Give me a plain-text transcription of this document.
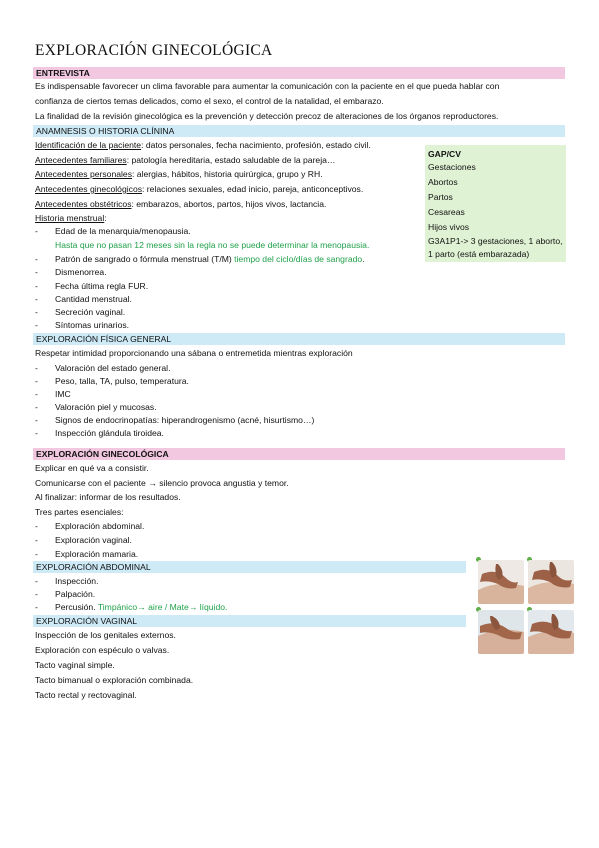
EXPLORACIÓN GINECOLÓGICA
ENTREVISTA
Es indispensable favorecer un clima favorable para aumentar la comunicación con la paciente en el que pueda hablar con
confianza de ciertos temas delicados, como el sexo, el control de la natalidad, el embarazo.
La finalidad de la revisión ginecológica es la prevención y detección precoz de alteraciones de los órganos reproductores.
ANAMNESIS O HISTORIA CLÍNINA
Identificación de la paciente: datos personales, fecha nacimiento, profesión, estado civil.
Antecedentes familiares: patología hereditaria, estado saludable de la pareja…
Antecedentes personales: alergias, hábitos, historia quirúrgica, grupo y RH.
Antecedentes ginecológicos: relaciones sexuales, edad inicio, pareja, anticonceptivos.
Antecedentes obstétricos: embarazos, abortos, partos, hijos vivos, lactancia.
Historia menstrual:
- Edad de la menarquia/menopausia.
Hasta que no pasan 12 meses sin la regla no se puede determinar la menopausia.
- Patrón de sangrado o fórmula menstrual (T/M) tiempo del ciclo/días de sangrado.
- Dismenorrea.
- Fecha última regla FUR.
- Cantidad menstrual.
- Secreción vaginal.
- Síntomas urinarios.
GAP/CV
Gestaciones
Abortos
Partos
Cesareas
Hijos vivos
G3A1P1-> 3 gestaciones, 1 aborto,
1 parto (está embarazada)
EXPLORACIÓN FÍSICA GENERAL
Respetar intimidad proporcionando una sábana o entremetida mientras exploración
- Valoración del estado general.
- Peso, talla, TA, pulso, temperatura.
- IMC
- Valoración piel y mucosas.
- Signos de endocrinopatías: hiperandrogenismo (acné, hisurtismo…)
- Inspección glándula tiroidea.
EXPLORACIÓN GINECOLÓGICA
Explicar en qué va a consistir.
Comunicarse con el paciente → silencio provoca angustia y temor.
Al finalizar: informar de los resultados.
Tres partes esenciales:
- Exploración abdominal.
- Exploración vaginal.
- Exploración mamaria.
EXPLORACIÓN ABDOMINAL
- Inspección.
- Palpación.
- Percusión. Timpánico→ aire / Mate→ líquido.
EXPLORACIÓN VAGINAL
Inspección de los genitales externos.
Exploración con espéculo o valvas.
Tacto vaginal simple.
Tacto bimanual o exploración combinada.
Tacto rectal y rectovaginal.
